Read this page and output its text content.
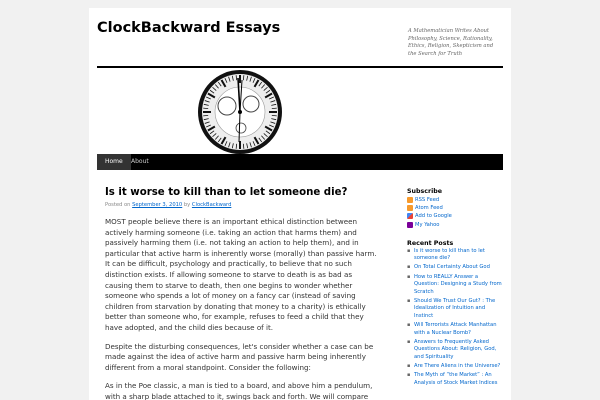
ClockBackward Essays	A Mathematician Writes About Philosophy, Science, Rationality, Ethics, Religion, Skepticism and the Search for Truth
Home	About
Is it worse to kill than to let someone die?
Posted on September 3, 2010 by ClockBackward

MOST people believe there is an important ethical distinction between actively harming someone (i.e. taking an action that harms them) and passively harming them (i.e. not taking an action to help them), and in particular that active harm is inherently worse (morally) than passive harm. It can be difficult, psychology and practically, to believe that no such distinction exists. If allowing someone to starve to death is as bad as causing them to starve to death, then one begins to wonder whether someone who spends a lot of money on a fancy car (instead of saving children from starvation by donating that money to a charity) is ethically better than someone who, for example, refuses to feed a child that they have adopted, and the child dies because of it.

Despite the disturbing consequences, let's consider whether a case can be made against the idea of active harm and passive harm being inherently different from a moral standpoint. Consider the following:

As in the Poe classic, a man is tied to a board, and above him a pendulum, with a sharp blade attached to it, swings back and forth. We will compare

Subscribe
RSS Feed
Atom Feed
Add to Google
My Yahoo
Recent Posts
▪ Is it worse to kill than to let someone die?
▪ On Total Certainty About God
▪ How to REALLY Answer a Question: Designing a Study from Scratch
▪ Should We Trust Our Gut? : The Idealization of Intuition and Instinct
▪ Will Terrorists Attack Manhattan with a Nuclear Bomb?
▪ Answers to Frequently Asked Questions About: Religion, God, and Spirituality
▪ Are There Aliens in the Universe?
▪ The Myth of “the Market” : An Analysis of Stock Market Indices
